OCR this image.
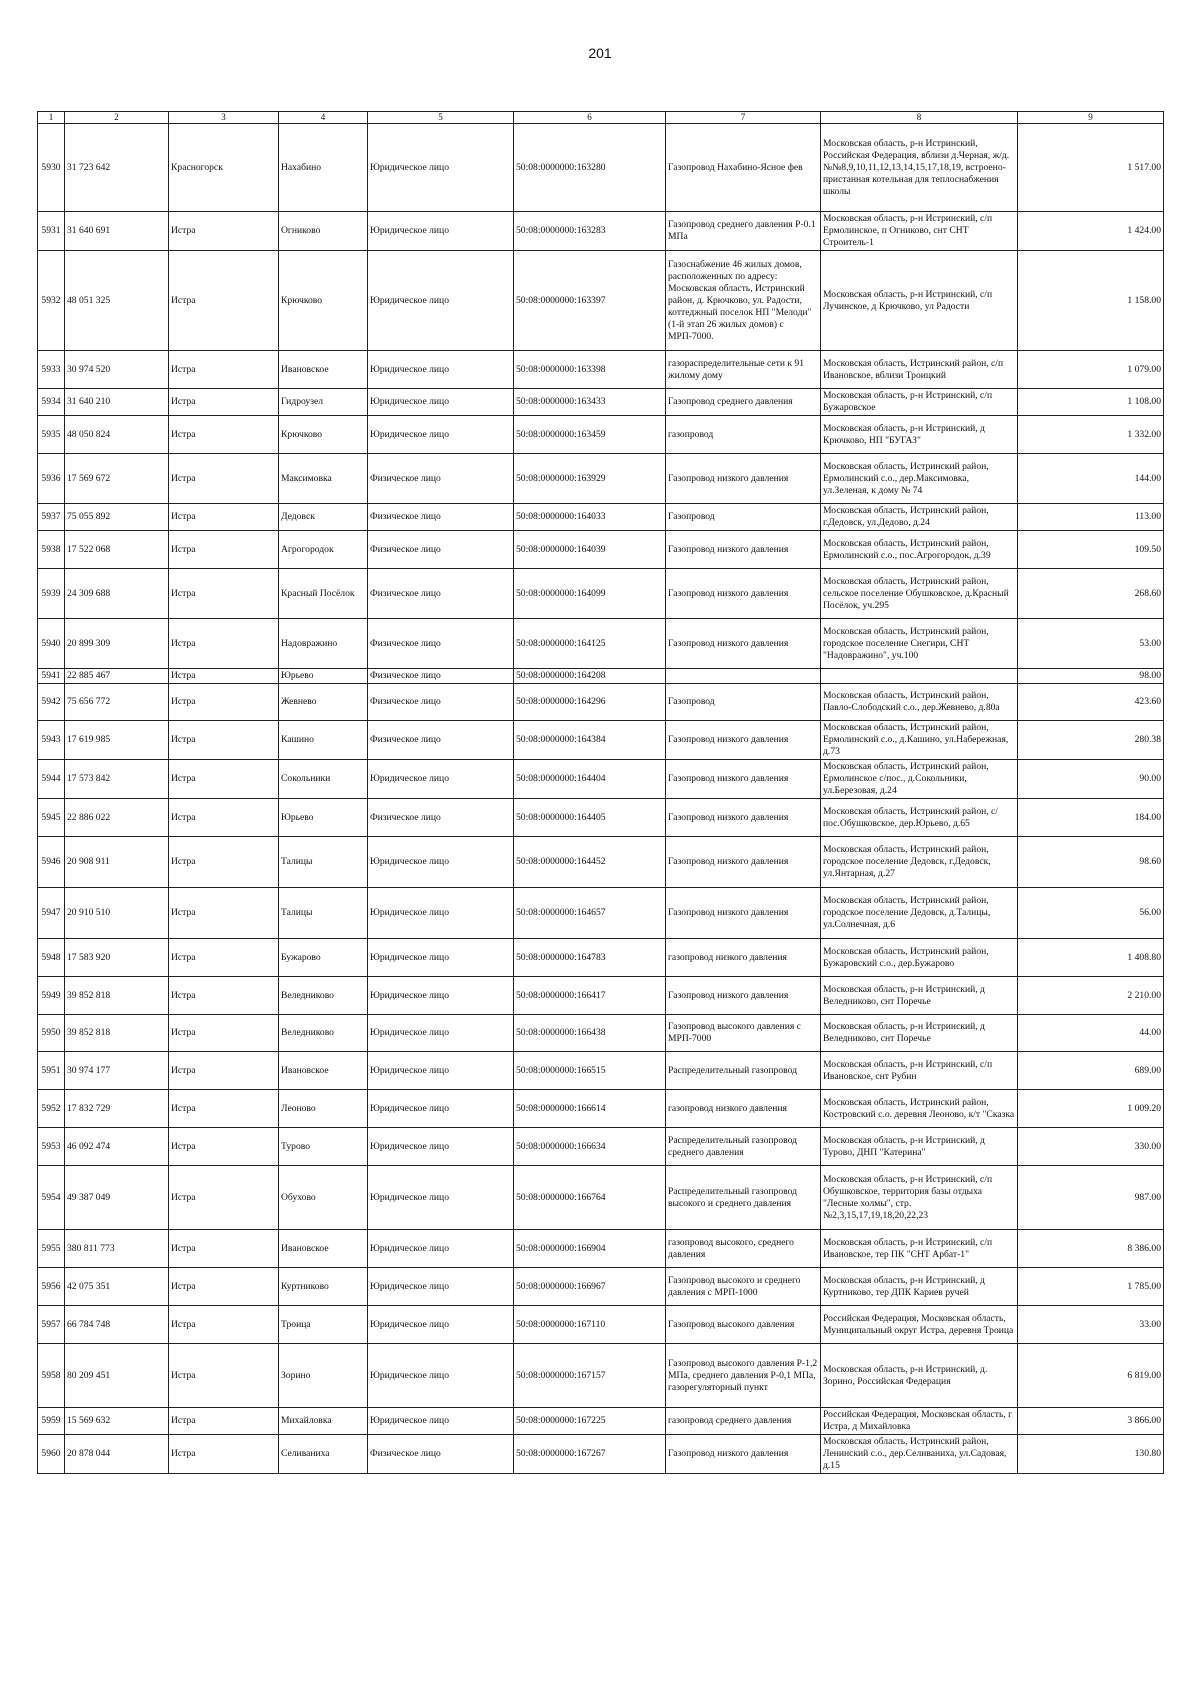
201
1	2	3	4	5	6	7	8	9
5930	31 723 642	Красногорск	Нахабино	Юридическое лицо	50:08:0000000:163280	Газопровод Нахабино-Ясное фев	Московская область, р-н Истринский, Российская Федерация, вблизи д.Черная, ж/д. №№8,9,10,11,12,13,14,15,17,18,19, встроено-пристанная котельная для теплоснабжения школы	1 517.00
5931	31 640 691	Истра	Огниково	Юридическое лицо	50:08:0000000:163283	Газопровод среднего давления Р-0.1 МПа	Московская область, р-н Истринский, с/п Ермолинское, п Огниково, снт СНТ Строитель-1	1 424.00
5932	48 051 325	Истра	Крючково	Юридическое лицо	50:08:0000000:163397	Газоснабжение 46 жилых домов, расположенных по адресу: Московская область, Истринский район, д. Крючково, ул. Радости, коттеджный поселок НП "Мелоди" (1-й этап 26 жилых домов) с МРП-7000.	Московская область, р-н Истринский, с/п Лучинское, д Крючково, ул Радости	1 158.00
5933	30 974 520	Истра	Ивановское	Юридическое лицо	50:08:0000000:163398	газораспределительные сети к 91 жилому дому	Московская область, Истринский район, с/п Ивановское, вблизи Троицкий	1 079.00
5934	31 640 210	Истра	Гидроузел	Юридическое лицо	50:08:0000000:163433	Газопровод среднего давления	Московская область, р-н Истринский, с/п Бужаровское	1 108.00
5935	48 050 824	Истра	Крючково	Юридическое лицо	50:08:0000000:163459	газопровод	Московская область, р-н Истринский, д Крючково, НП "БУГАЗ"	1 332.00
5936	17 569 672	Истра	Максимовка	Физическое лицо	50:08:0000000:163929	Газопровод низкого давления	Московская область, Истринский район, Ермолинский с.о., дер.Максимовка, ул.Зеленая, к дому № 74	144.00
5937	75 055 892	Истра	Дедовск	Физическое лицо	50:08:0000000:164033	Газопровод	Московская область, Истринский район, г.Дедовск, ул.Дедово, д.24	113.00
5938	17 522 068	Истра	Агрогородок	Физическое лицо	50:08:0000000:164039	Газопровод низкого давления	Московская область, Истринский район, Ермолинский с.о., пос.Агрогородок, д.39	109.50
5939	24 309 688	Истра	Красный Посёлок	Физическое лицо	50:08:0000000:164099	Газопровод низкого давления	Московская область, Истринский район, сельское поселение Обушковское, д.Красный Посёлок, уч.295	268.60
5940	20 899 309	Истра	Надовражино	Физическое лицо	50:08:0000000:164125	Газопровод низкого давления	Московская область, Истринский район, городское поселение Снегири, СНТ "Надовражино", уч.100	53.00
5941	22 885 467	Истра	Юрьево	Физическое лицо	50:08:0000000:164208			98.00
5942	75 656 772	Истра	Жевнево	Физическое лицо	50:08:0000000:164296	Газопровод	Московская область, Истринский район, Павло-Слободский с.о., дер.Жевнево, д.80а	423.60
5943	17 619 985	Истра	Кашино	Физическое лицо	50:08:0000000:164384	Газопровод низкого давления	Московская область, Истринский район, Ермолинский с.о., д.Кашино, ул.Набережная, д.73	280.38
5944	17 573 842	Истра	Сокольники	Юридическое лицо	50:08:0000000:164404	Газопровод низкого давления	Московская область, Истринский район, Ермолинское с/пос., д.Сокольники, ул.Березовая, д.24	90.00
5945	22 886 022	Истра	Юрьево	Физическое лицо	50:08:0000000:164405	Газопровод низкого давления	Московская область, Истринский район, с/пос.Обушковское, дер.Юрьево, д.65	184.00
5946	20 908 911	Истра	Талицы	Юридическое лицо	50:08:0000000:164452	Газопровод низкого давления	Московская область, Истринский район, городское поселение Дедовск, г.Дедовск, ул.Янтарная, д.27	98.60
5947	20 910 510	Истра	Талицы	Юридическое лицо	50:08:0000000:164657	Газопровод низкого давления	Московская область, Истринский район, городское поселение Дедовск, д.Талицы, ул.Солнечная, д.6	56.00
5948	17 583 920	Истра	Бужарово	Юридическое лицо	50:08:0000000:164783	газопровод низкого давления	Московская область, Истринский район, Бужаровский с.о., дер.Бужарово	1 408.80
5949	39 852 818	Истра	Веледниково	Юридическое лицо	50:08:0000000:166417	Газопровод низкого давления	Московская область, р-н Истринский, д Веледниково, снт Поречье	2 210.00
5950	39 852 818	Истра	Веледниково	Юридическое лицо	50:08:0000000:166438	Газопровод высокого давления с МРП-7000	Московская область, р-н Истринский, д Веледниково, снт Поречье	44.00
5951	30 974 177	Истра	Ивановское	Юридическое лицо	50:08:0000000:166515	Распределительный газопровод	Московская область, р-н Истринский, с/п Ивановское, снт Рубин	689.00
5952	17 832 729	Истра	Леоново	Юридическое лицо	50:08:0000000:166614	газопровод низкого давления	Московская область, Истринский район, Костровский с.о. деревня Леоново, к/т "Сказка	1 009.20
5953	46 092 474	Истра	Турово	Юридическое лицо	50:08:0000000:166634	Распределительный газопровод среднего давления	Московская область, р-н Истринский, д Турово, ДНП "Катерина"	330.00
5954	49 387 049	Истра	Обухово	Юридическое лицо	50:08:0000000:166764	Распределительный газопровод высокого и среднего давления	Московская область, р-н Истринский, с/п Обушковское, территория базы отдыха "Лесные холмы", стр.№2,3,15,17,19,18,20,22,23	987.00
5955	380 811 773	Истра	Ивановское	Юридическое лицо	50:08:0000000:166904	газопровод высокого, среднего давления	Московская область, р-н Истринский, с/п Ивановское, тер ПК "СНТ Арбат-1"	8 386.00
5956	42 075 351	Истра	Куртниково	Юридическое лицо	50:08:0000000:166967	Газопровод высокого и среднего давления с МРП-1000	Московская область, р-н Истринский, д Куртниково, тер ДПК Кариев ручей	1 785.00
5957	66 784 748	Истра	Троица	Юридическое лицо	50:08:0000000:167110	Газопровод высокого давления	Российская Федерация, Московская область, Муниципальный округ Истра, деревня Троица	33.00
5958	80 209 451	Истра	Зорино	Юридическое лицо	50:08:0000000:167157	Газопровод высокого давления Р-1,2 МПа, среднего давления Р-0,1 МПа, газорегуляторный пункт	Московская область, р-н Истринский, д. Зорино, Российская Федерация	6 819.00
5959	15 569 632	Истра	Михайловка	Юридическое лицо	50:08:0000000:167225	газопровод среднего давления	Российская Федерация, Московская область, г Истра, д Михайловка	3 866.00
5960	20 878 044	Истра	Селиваниха	Физическое лицо	50:08:0000000:167267	Газопровод низкого давления	Московская область, Истринский район, Ленинский с.о., дер.Селиваниха, ул.Садовая, д.15	130.80
